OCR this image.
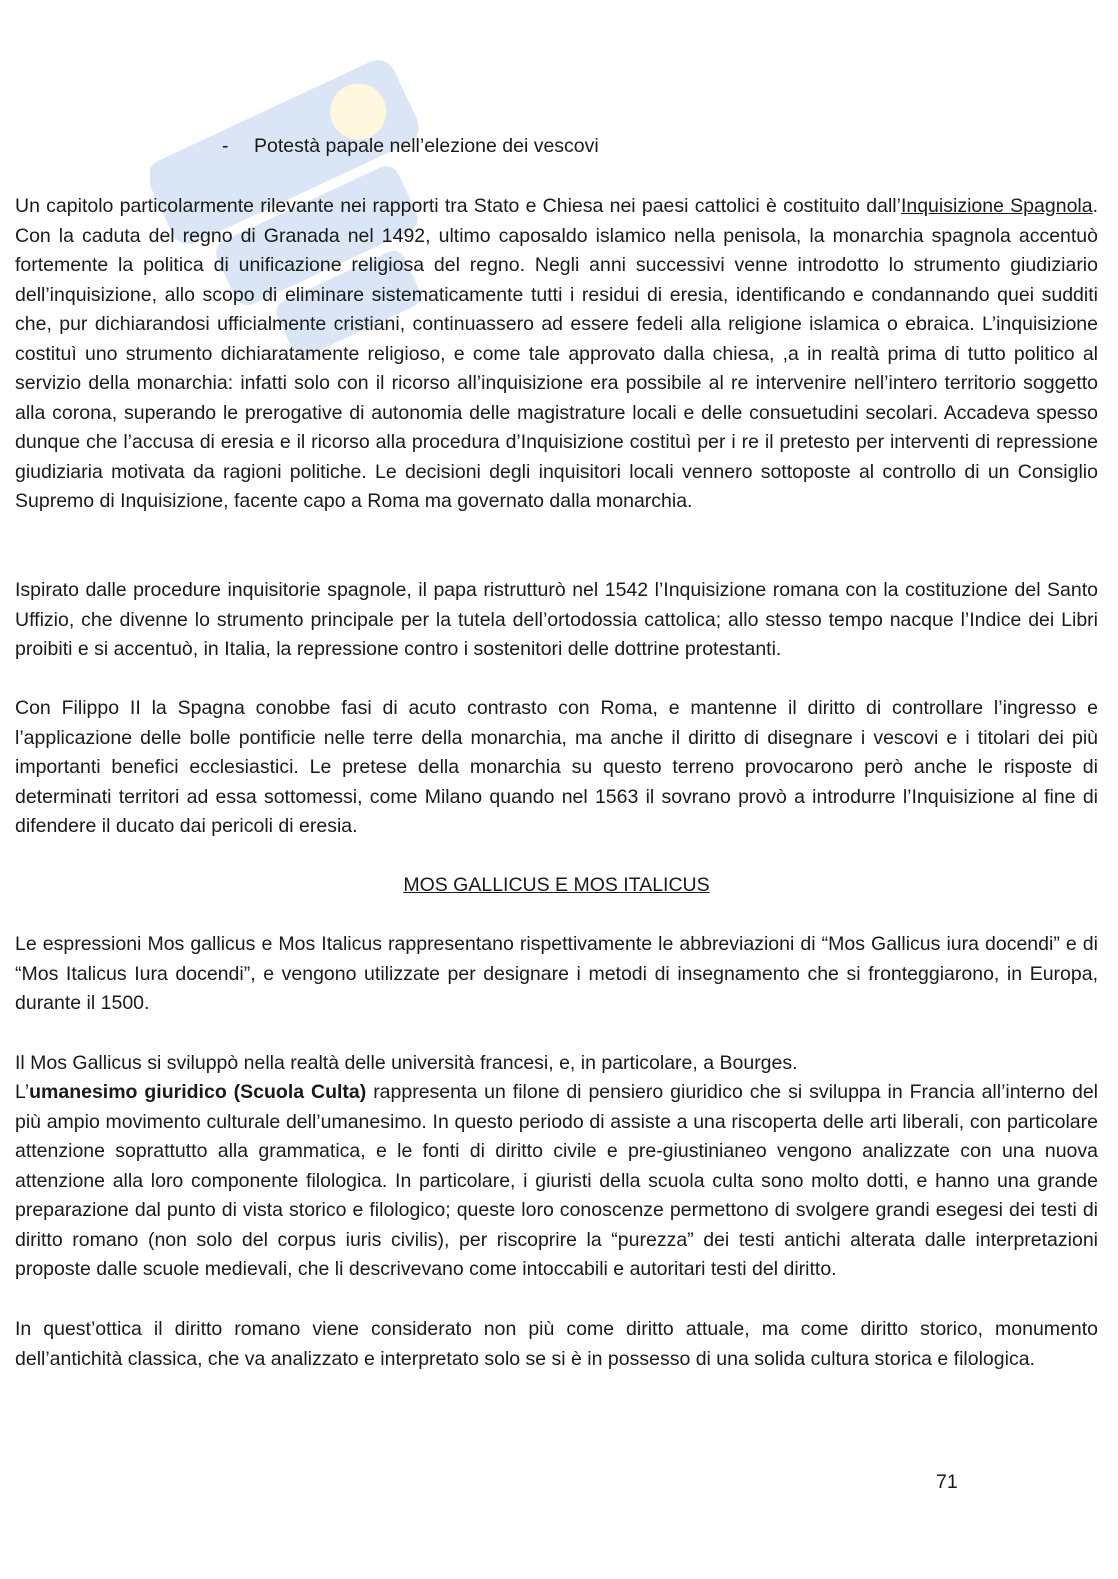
- Potestà papale nell’elezione dei vescovi

Un capitolo particolarmente rilevante nei rapporti tra Stato e Chiesa nei paesi cattolici è costituito dall’Inquisizione Spagnola. Con la caduta del regno di Granada nel 1492, ultimo caposaldo islamico nella penisola, la monarchia spagnola accentuò fortemente la politica di unificazione religiosa del regno. Negli anni successivi venne introdotto lo strumento giudiziario dell’inquisizione, allo scopo di eliminare sistematicamente tutti i residui di eresia, identificando e condannando quei sudditi che, pur dichiarandosi ufficialmente cristiani, continuassero ad essere fedeli alla religione islamica o ebraica. L’inquisizione costituì uno strumento dichiaratamente religioso, e come tale approvato dalla chiesa, ,a in realtà prima di tutto politico al servizio della monarchia: infatti solo con il ricorso all’inquisizione era possibile al re intervenire nell’intero territorio soggetto alla corona, superando le prerogative di autonomia delle magistrature locali e delle consuetudini secolari. Accadeva spesso dunque che l’accusa di eresia e il ricorso alla procedura d’Inquisizione costituì per i re il pretesto per interventi di repressione giudiziaria motivata da ragioni politiche. Le decisioni degli inquisitori locali vennero sottoposte al controllo di un Consiglio Supremo di Inquisizione, facente capo a Roma ma governato dalla monarchia.

Ispirato dalle procedure inquisitorie spagnole, il papa ristrutturò nel 1542 l’Inquisizione romana con la costituzione del Santo Uffizio, che divenne lo strumento principale per la tutela dell’ortodossia cattolica; allo stesso tempo nacque l’Indice dei Libri proibiti e si accentuò, in Italia, la repressione contro i sostenitori delle dottrine protestanti.

Con Filippo II la Spagna conobbe fasi di acuto contrasto con Roma, e mantenne il diritto di controllare l’ingresso e l’applicazione delle bolle pontificie nelle terre della monarchia, ma anche il diritto di disegnare i vescovi e i titolari dei più importanti benefici ecclesiastici. Le pretese della monarchia su questo terreno provocarono però anche le risposte di determinati territori ad essa sottomessi, come Milano quando nel 1563 il sovrano provò a introdurre l’Inquisizione al fine di difendere il ducato dai pericoli di eresia.

MOS GALLICUS E MOS ITALICUS

Le espressioni Mos gallicus e Mos Italicus rappresentano rispettivamente le abbreviazioni di “Mos Gallicus iura docendi” e di “Mos Italicus Iura docendi”, e vengono utilizzate per designare i metodi di insegnamento che si fronteggiarono, in Europa, durante il 1500.

Il Mos Gallicus si sviluppò nella realtà delle università francesi, e, in particolare, a Bourges.

L’umanesimo giuridico (Scuola Culta) rappresenta un filone di pensiero giuridico che si sviluppa in Francia all’interno del più ampio movimento culturale dell’umanesimo. In questo periodo di assiste a una riscoperta delle arti liberali, con particolare attenzione soprattutto alla grammatica, e le fonti di diritto civile e pre-giustinianeo vengono analizzate con una nuova attenzione alla loro componente filologica. In particolare, i giuristi della scuola culta sono molto dotti, e hanno una grande preparazione dal punto di vista storico e filologico; queste loro conoscenze permettono di svolgere grandi esegesi dei testi di diritto romano (non solo del corpus iuris civilis), per riscoprire la “purezza” dei testi antichi alterata dalle interpretazioni proposte dalle scuole medievali, che li descrivevano come intoccabili e autoritari testi del diritto.

In quest’ottica il diritto romano viene considerato non più come diritto attuale, ma come diritto storico, monumento dell’antichità classica, che va analizzato e interpretato solo se si è in possesso di una solida cultura storica e filologica.

71
